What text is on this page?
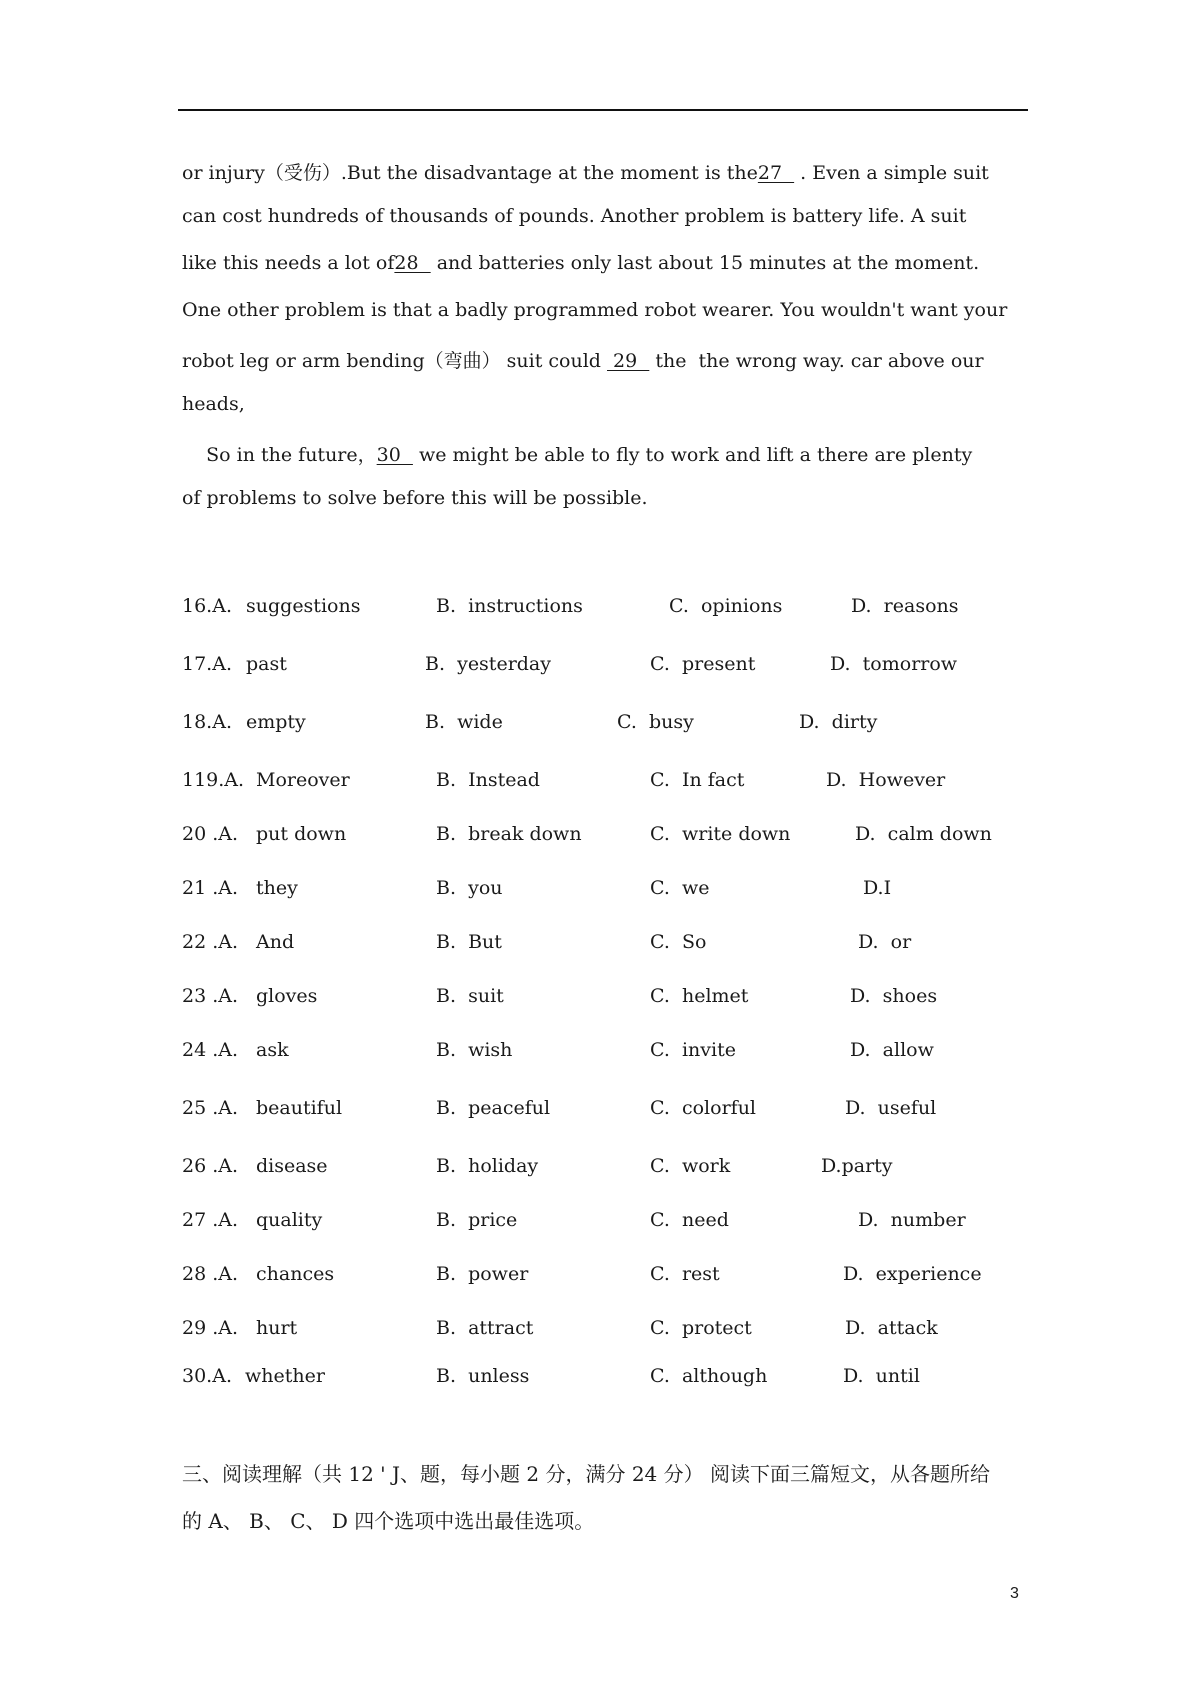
or injury（受伤）.But the disadvantage at the moment is the27   . Even a simple suit
can cost hundreds of thousands of pounds. Another problem is battery life. A suit
like this needs a lot of28   and batteries only last about 15 minutes at the moment.
One other problem is that a badly programmed robot wearer. You wouldn't want your
robot leg or arm bending（弯曲） suit could  29   the  the wrong way. car above our
heads,
So in the future，30   we might be able to fly to work and lift a there are plenty
of problems to solve before this will be possible.
16.A. suggestions	B.  instructions	C.  opinions	D.  reasons
17.A. past	B.  yesterday	C.  present	D.  tomorrow
18.A. empty	B.  wide	C.  busy	D.  dirty
119.A. Moreover	B.  Instead	C.  In fact	D.  However
20 .A. put down	B.  break down	C.  write down	D.  calm down
21 .A. they	B.  you	C.  we	D.I
22 .A. And	B.  But	C.  So	D.  or
23 .A. gloves	B.  suit	C.  helmet	D.  shoes
24 .A. ask	B.  wish	C.  invite	D.  allow
25 .A. beautiful	B.  peaceful	C.  colorful	D.  useful
26 .A. disease	B.  holiday	C.  work	D.party
27 .A. quality	B.  price	C.  need	D.  number
28 .A. chances	B.  power	C.  rest	D.  experience
29 .A. hurt	B.  attract	C.  protect	D.  attack
30.A. whether	B.  unless	C.  although	D.  until
三、阅读理解（共 12 ' J、题，每小题 2 分，满分 24 分） 阅读下面三篇短文，从各题所给
的 A、 B、 C、 D 四个选项中选出最佳选项。
3
